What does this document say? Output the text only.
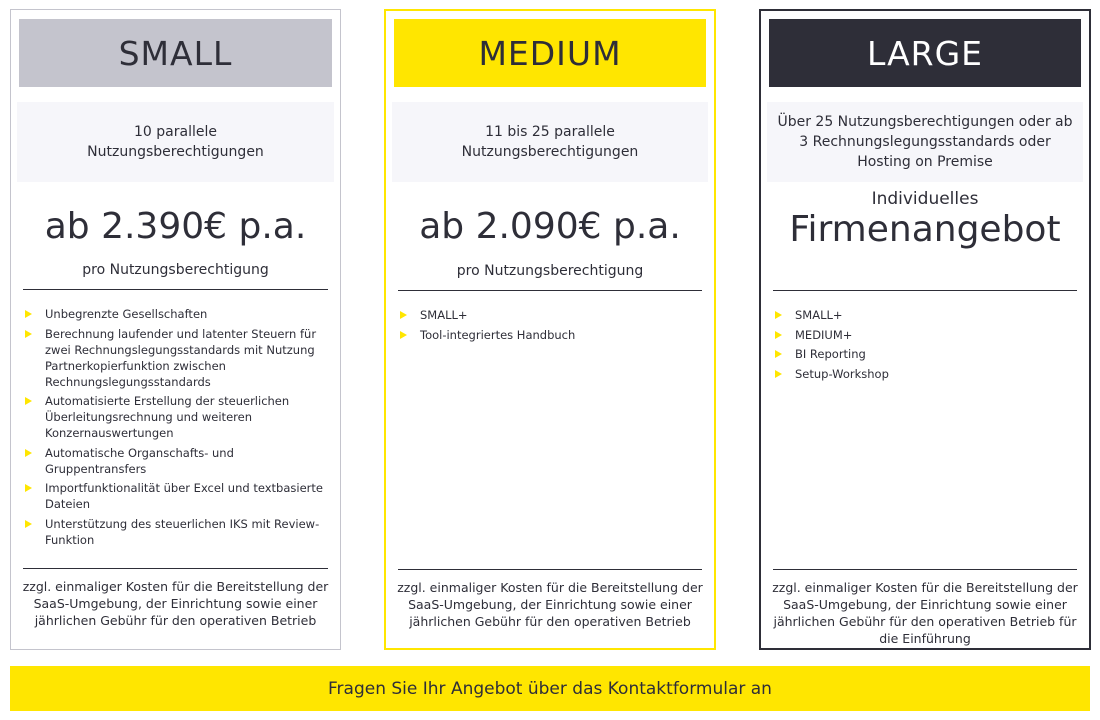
SMALL
10 parallele
Nutzungsberechtigungen
ab 2.390€ p.a.
pro Nutzungsberechtigung
Unbegrenzte Gesellschaften
Berechnung laufender und latenter Steuern für zwei Rechnungslegungsstandards mit Nutzung Partnerkopierfunktion zwischen Rechnungslegungsstandards
Automatisierte Erstellung der steuerlichen Überleitungsrechnung und weiteren Konzernauswertungen
Automatische Organschafts- und Gruppentransfers
Importfunktionalität über Excel und textbasierte Dateien
Unterstützung des steuerlichen IKS mit Review-Funktion
zzgl. einmaliger Kosten für die Bereitstellung der SaaS-Umgebung, der Einrichtung sowie einer jährlichen Gebühr für den operativen Betrieb
MEDIUM
11 bis 25 parallele
Nutzungsberechtigungen
ab 2.090€ p.a.
pro Nutzungsberechtigung
SMALL+
Tool-integriertes Handbuch
zzgl. einmaliger Kosten für die Bereitstellung der SaaS-Umgebung, der Einrichtung sowie einer jährlichen Gebühr für den operativen Betrieb
LARGE
Über 25 Nutzungsberechtigungen oder ab 3 Rechnungslegungsstandards oder Hosting on Premise
Individuelles
Firmenangebot
SMALL+
MEDIUM+
BI Reporting
Setup-Workshop
zzgl. einmaliger Kosten für die Bereitstellung der SaaS-Umgebung, der Einrichtung sowie einer jährlichen Gebühr für den operativen Betrieb für die Einführung
Fragen Sie Ihr Angebot über das Kontaktformular an
